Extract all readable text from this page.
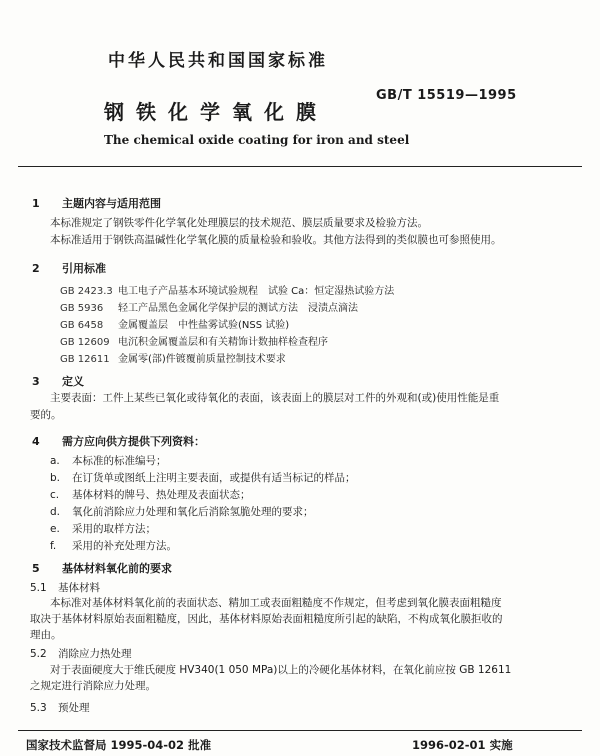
中华人民共和国国家标准
GB/T 15519—1995
钢铁化学氧化膜
The chemical oxide coating for iron and steel
1 主题内容与适用范围
本标准规定了钢铁零件化学氧化处理膜层的技术规范、膜层质量要求及检验方法。
本标准适用于钢铁高温碱性化学氧化膜的质量检验和验收。其他方法得到的类似膜也可参照使用。
2 引用标准
GB 2423.3 电工电子产品基本环境试验规程　试验 Ca：恒定湿热试验方法
GB 5936 轻工产品黑色金属化学保护层的测试方法　浸渍点滴法
GB 6458 金属覆盖层　中性盐雾试验(NSS 试验)
GB 12609 电沉积金属覆盖层和有关精饰计数抽样检查程序
GB 12611 金属零(部)件镀覆前质量控制技术要求
3 定义
主要表面：工件上某些已氧化或待氧化的表面，该表面上的膜层对工件的外观和(或)使用性能是重
要的。
4 需方应向供方提供下列资料：
a. 本标准的标准编号；
b. 在订货单或图纸上注明主要表面，或提供有适当标记的样品；
c. 基体材料的牌号、热处理及表面状态；
d. 氧化前消除应力处理和氧化后消除氢脆处理的要求；
e. 采用的取样方法；
f. 采用的补充处理方法。
5 基体材料氧化前的要求
5.1 基体材料
本标准对基体材料氧化前的表面状态、精加工或表面粗糙度不作规定，但考虑到氧化膜表面粗糙度
取决于基体材料原始表面粗糙度，因此，基体材料原始表面粗糙度所引起的缺陷，不构成氧化膜拒收的
理由。
5.2 消除应力热处理
对于表面硬度大于维氏硬度 HV340(1 050 MPa)以上的冷硬化基体材料，在氧化前应按 GB 12611
之规定进行消除应力处理。
5.3 预处理
国家技术监督局 1995-04-02 批准	1996-02-01 实施
